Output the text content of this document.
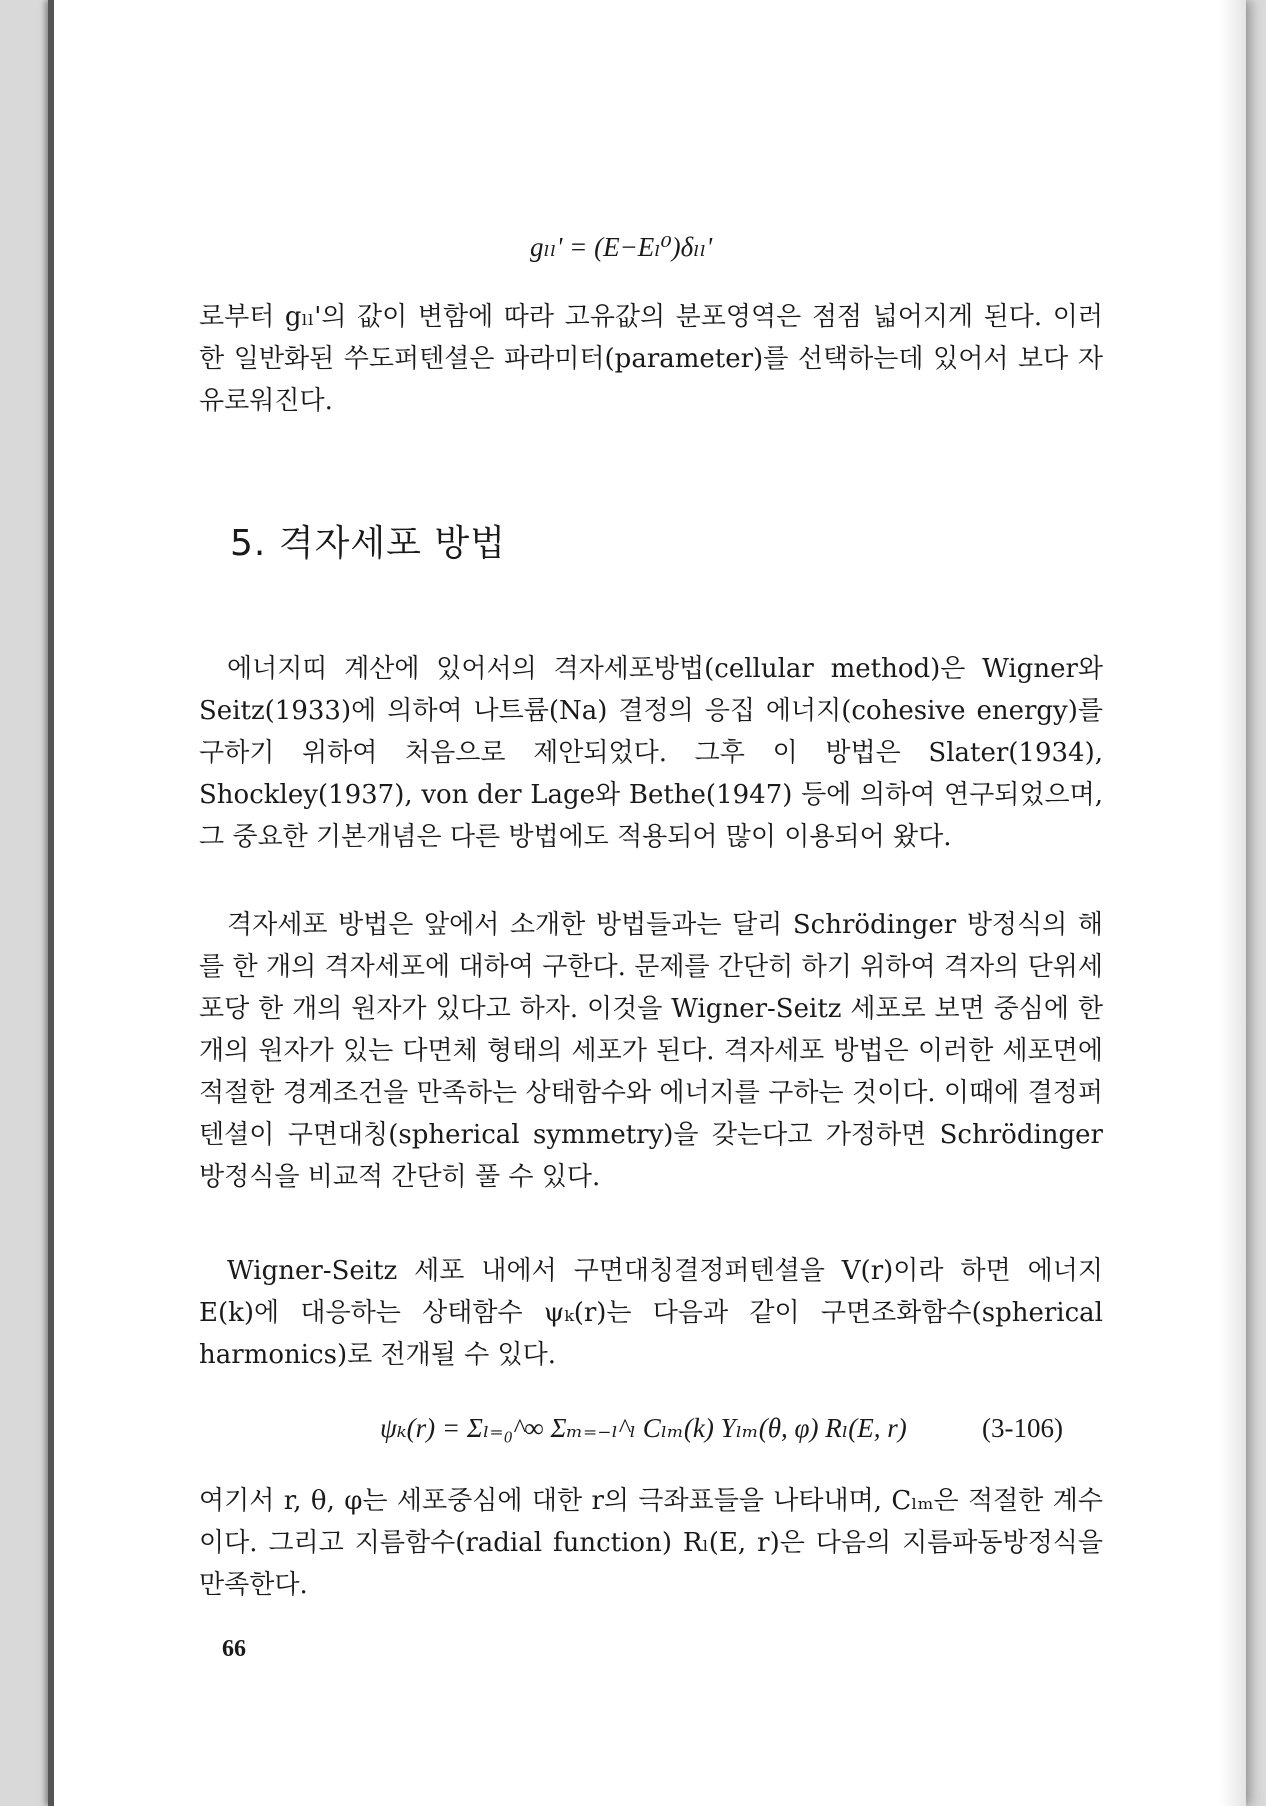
gₗₗ' = (E−Eₗ⁰)δₗₗ'

로부터 gₗₗ'의 값이 변함에 따라 고유값의 분포영역은 점점 넓어지게 된다. 이러한 일반화된 쑤도퍼텐셜은 파라미터(parameter)를 선택하는데 있어서 보다 자유로워진다.

5. 격자세포 방법

에너지띠 계산에 있어서의 격자세포방법(cellular method)은 Wigner와 Seitz(1933)에 의하여 나트륨(Na) 결정의 응집 에너지(cohesive energy)를 구하기 위하여 처음으로 제안되었다. 그후 이 방법은 Slater(1934), Shockley(1937), von der Lage와 Bethe(1947) 등에 의하여 연구되었으며, 그 중요한 기본개념은 다른 방법에도 적용되어 많이 이용되어 왔다.

격자세포 방법은 앞에서 소개한 방법들과는 달리 Schrödinger 방정식의 해를 한 개의 격자세포에 대하여 구한다. 문제를 간단히 하기 위하여 격자의 단위세포당 한 개의 원자가 있다고 하자. 이것을 Wigner-Seitz 세포로 보면 중심에 한 개의 원자가 있는 다면체 형태의 세포가 된다. 격자세포 방법은 이러한 세포면에 적절한 경계조건을 만족하는 상태함수와 에너지를 구하는 것이다. 이때에 결정퍼텐셜이 구면대칭(spherical symmetry)을 갖는다고 가정하면 Schrödinger 방정식을 비교적 간단히 풀 수 있다.

Wigner-Seitz 세포 내에서 구면대칭결정퍼텐셜을 V(r)이라 하면 에너지 E(k)에 대응하는 상태함수 ψₖ(r)는 다음과 같이 구면조화함수(spherical harmonics)로 전개될 수 있다.

ψₖ(r) = Σₗ₌₀^∞ Σₘ₌₋ₗ^ₗ Cₗₘ(k) Yₗₘ(θ, φ) Rₗ(E, r)	(3-106)

여기서 r, θ, φ는 세포중심에 대한 r의 극좌표들을 나타내며, Cₗₘ은 적절한 계수이다. 그리고 지름함수(radial function) Rₗ(E, r)은 다음의 지름파동방정식을 만족한다.

66
